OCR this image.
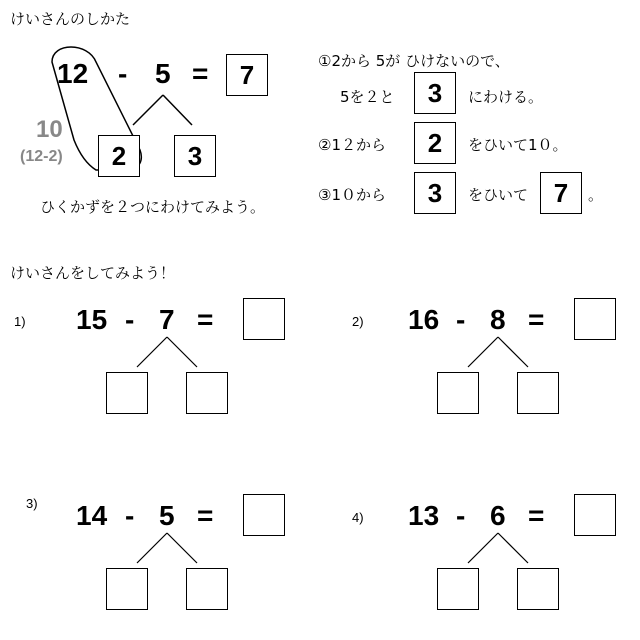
けいさんのしかた
12 - 5 =	7
10
(12-2)	2	3
ひくかずを２つにわけてみよう。
①2から 5が ひけないので、
5を２と	3	にわける。
②1２から	2	をひいて1０。
③1０から	3	をひいて 7	。
けいさんをしてみよう！
1) 15 - 7 =	2) 16 - 8 =
3) 14 - 5 =	4) 13 - 6 =
